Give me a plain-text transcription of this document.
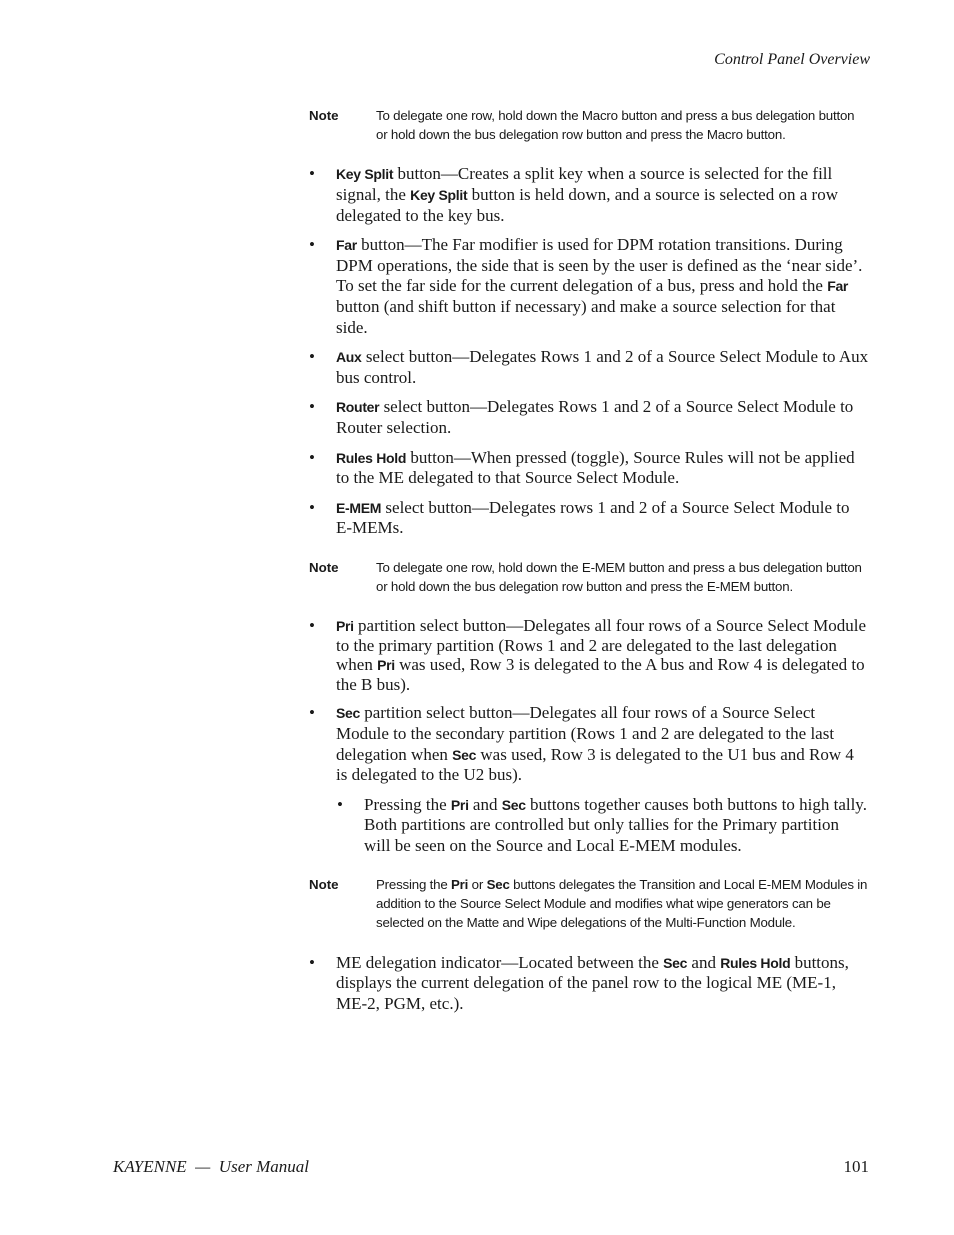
Control Panel Overview
Note	To delegate one row, hold down the Macro button and press a bus delegation button or hold down the bus delegation row button and press the Macro button.
• Key Split button—Creates a split key when a source is selected for the fill signal, the Key Split button is held down, and a source is selected on a row delegated to the key bus.
• Far button—The Far modifier is used for DPM rotation transitions. During DPM operations, the side that is seen by the user is defined as the ‘near side’. To set the far side for the current delegation of a bus, press and hold the Far button (and shift button if necessary) and make a source selection for that side.
• Aux select button—Delegates Rows 1 and 2 of a Source Select Module to Aux bus control.
• Router select button—Delegates Rows 1 and 2 of a Source Select Module to Router selection.
• Rules Hold button—When pressed (toggle), Source Rules will not be applied to the ME delegated to that Source Select Module.
• E-MEM select button—Delegates rows 1 and 2 of a Source Select Module to E-MEMs.
Note	To delegate one row, hold down the E-MEM button and press a bus delegation button or hold down the bus delegation row button and press the E-MEM button.
• Pri partition select button—Delegates all four rows of a Source Select Module to the primary partition (Rows 1 and 2 are delegated to the last delegation when Pri was used, Row 3 is delegated to the A bus and Row 4 is delegated to the B bus).
• Sec partition select button—Delegates all four rows of a Source Select Module to the secondary partition (Rows 1 and 2 are delegated to the last delegation when Sec was used, Row 3 is delegated to the U1 bus and Row 4 is delegated to the U2 bus).
• Pressing the Pri and Sec buttons together causes both buttons to high tally. Both partitions are controlled but only tallies for the Primary partition will be seen on the Source and Local E-MEM modules.
Note	Pressing the Pri or Sec buttons delegates the Transition and Local E-MEM Modules in addition to the Source Select Module and modifies what wipe generators can be selected on the Matte and Wipe delegations of the Multi-Function Module.
• ME delegation indicator—Located between the Sec and Rules Hold buttons, displays the current delegation of the panel row to the logical ME (ME-1, ME-2, PGM, etc.).
KAYENNE  —  User Manual	101
